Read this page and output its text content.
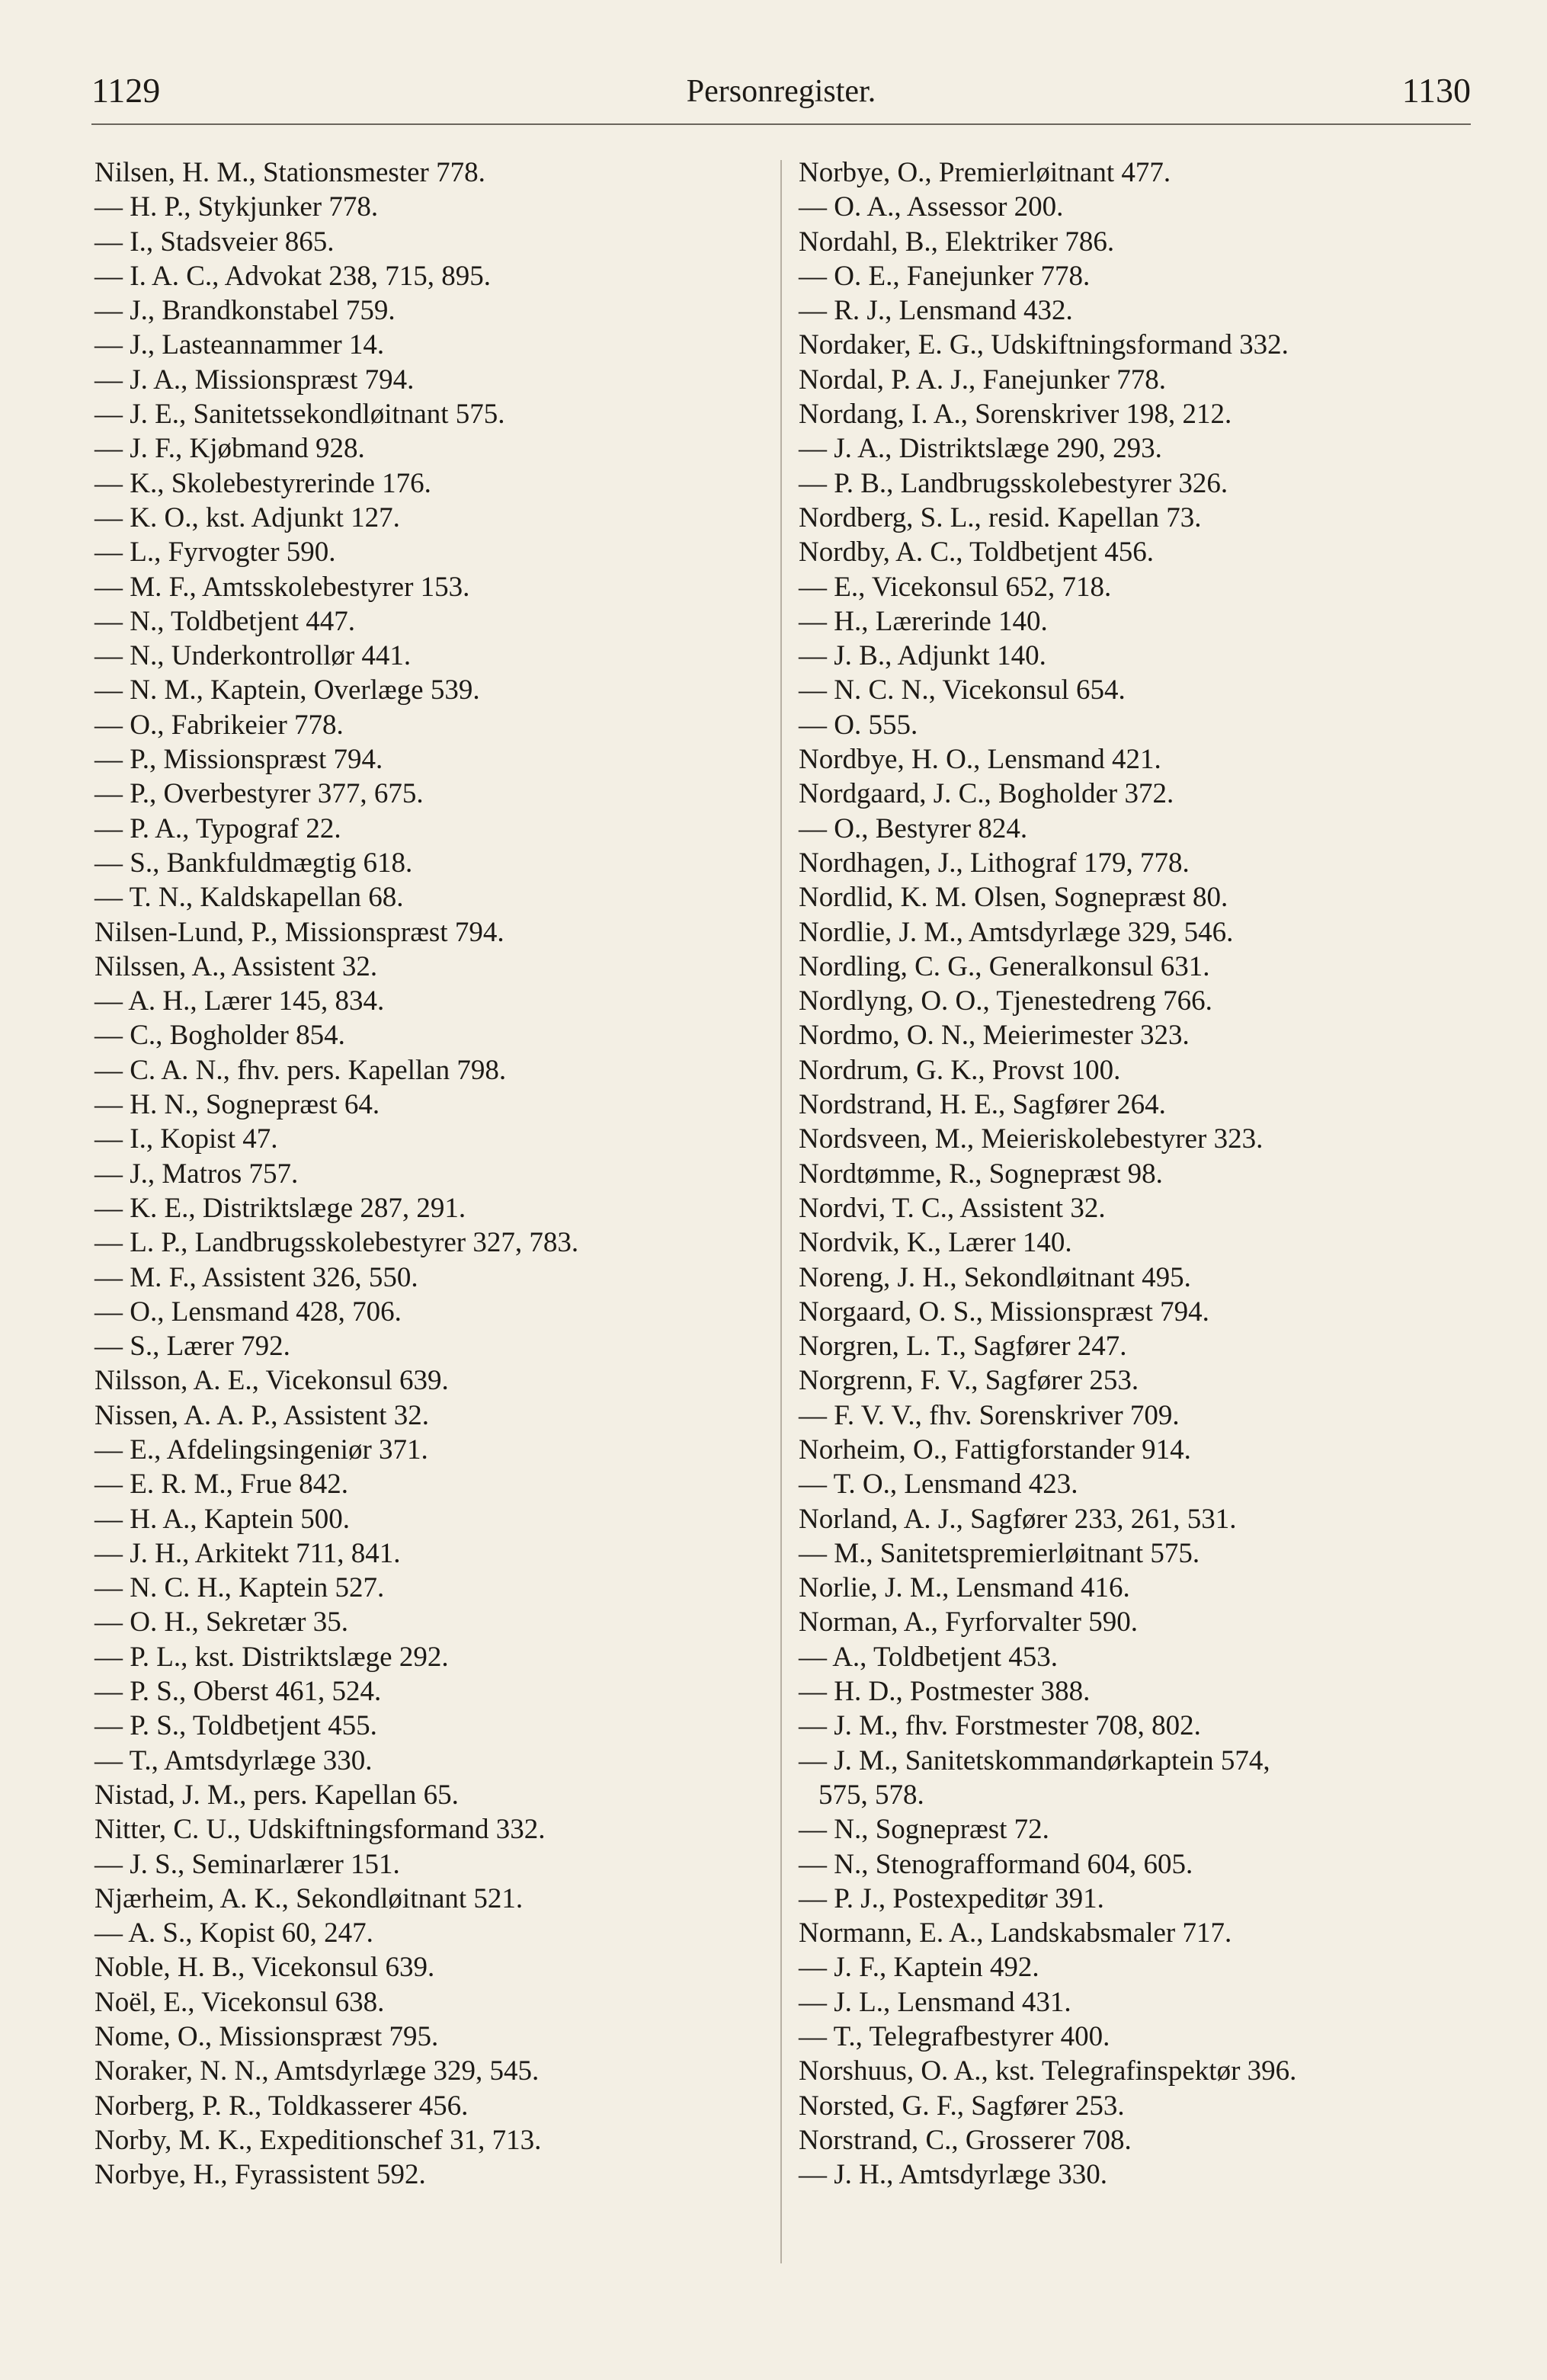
1129	Personregister.	1130
Nilsen, H. M., Stationsmester 778.
— H. P., Stykjunker 778.
— I., Stadsveier 865.
— I. A. C., Advokat 238, 715, 895.
— J., Brandkonstabel 759.
— J., Lasteannammer 14.
— J. A., Missionspræst 794.
— J. E., Sanitetssekondløitnant 575.
— J. F., Kjøbmand 928.
— K., Skolebestyrerinde 176.
— K. O., kst. Adjunkt 127.
— L., Fyrvogter 590.
— M. F., Amtsskolebestyrer 153.
— N., Toldbetjent 447.
— N., Underkontrollør 441.
— N. M., Kaptein, Overlæge 539.
— O., Fabrikeier 778.
— P., Missionspræst 794.
— P., Overbestyrer 377, 675.
— P. A., Typograf 22.
— S., Bankfuldmægtig 618.
— T. N., Kaldskapellan 68.
Nilsen-Lund, P., Missionspræst 794.
Nilssen, A., Assistent 32.
— A. H., Lærer 145, 834.
— C., Bogholder 854.
— C. A. N., fhv. pers. Kapellan 798.
— H. N., Sognepræst 64.
— I., Kopist 47.
— J., Matros 757.
— K. E., Distriktslæge 287, 291.
— L. P., Landbrugsskolebestyrer 327, 783.
— M. F., Assistent 326, 550.
— O., Lensmand 428, 706.
— S., Lærer 792.
Nilsson, A. E., Vicekonsul 639.
Nissen, A. A. P., Assistent 32.
— E., Afdelingsingeniør 371.
— E. R. M., Frue 842.
— H. A., Kaptein 500.
— J. H., Arkitekt 711, 841.
— N. C. H., Kaptein 527.
— O. H., Sekretær 35.
— P. L., kst. Distriktslæge 292.
— P. S., Oberst 461, 524.
— P. S., Toldbetjent 455.
— T., Amtsdyrlæge 330.
Nistad, J. M., pers. Kapellan 65.
Nitter, C. U., Udskiftningsformand 332.
— J. S., Seminarlærer 151.
Njærheim, A. K., Sekondløitnant 521.
— A. S., Kopist 60, 247.
Noble, H. B., Vicekonsul 639.
Noël, E., Vicekonsul 638.
Nome, O., Missionspræst 795.
Noraker, N. N., Amtsdyrlæge 329, 545.
Norberg, P. R., Toldkasserer 456.
Norby, M. K., Expeditionschef 31, 713.
Norbye, H., Fyrassistent 592.
Norbye, O., Premierløitnant 477.
— O. A., Assessor 200.
Nordahl, B., Elektriker 786.
— O. E., Fanejunker 778.
— R. J., Lensmand 432.
Nordaker, E. G., Udskiftningsformand 332.
Nordal, P. A. J., Fanejunker 778.
Nordang, I. A., Sorenskriver 198, 212.
— J. A., Distriktslæge 290, 293.
— P. B., Landbrugsskolebestyrer 326.
Nordberg, S. L., resid. Kapellan 73.
Nordby, A. C., Toldbetjent 456.
— E., Vicekonsul 652, 718.
— H., Lærerinde 140.
— J. B., Adjunkt 140.
— N. C. N., Vicekonsul 654.
— O. 555.
Nordbye, H. O., Lensmand 421.
Nordgaard, J. C., Bogholder 372.
— O., Bestyrer 824.
Nordhagen, J., Lithograf 179, 778.
Nordlid, K. M. Olsen, Sognepræst 80.
Nordlie, J. M., Amtsdyrlæge 329, 546.
Nordling, C. G., Generalkonsul 631.
Nordlyng, O. O., Tjenestedreng 766.
Nordmo, O. N., Meierimester 323.
Nordrum, G. K., Provst 100.
Nordstrand, H. E., Sagfører 264.
Nordsveen, M., Meieriskolebestyrer 323.
Nordtømme, R., Sognepræst 98.
Nordvi, T. C., Assistent 32.
Nordvik, K., Lærer 140.
Noreng, J. H., Sekondløitnant 495.
Norgaard, O. S., Missionspræst 794.
Norgren, L. T., Sagfører 247.
Norgrenn, F. V., Sagfører 253.
— F. V. V., fhv. Sorenskriver 709.
Norheim, O., Fattigforstander 914.
— T. O., Lensmand 423.
Norland, A. J., Sagfører 233, 261, 531.
— M., Sanitetspremierløitnant 575.
Norlie, J. M., Lensmand 416.
Norman, A., Fyrforvalter 590.
— A., Toldbetjent 453.
— H. D., Postmester 388.
— J. M., fhv. Forstmester 708, 802.
— J. M., Sanitetskommandørkaptein 574,
575, 578.
— N., Sognepræst 72.
— N., Stenografformand 604, 605.
— P. J., Postexpeditør 391.
Normann, E. A., Landskabsmaler 717.
— J. F., Kaptein 492.
— J. L., Lensmand 431.
— T., Telegrafbestyrer 400.
Norshuus, O. A., kst. Telegrafinspektør 396.
Norsted, G. F., Sagfører 253.
Norstrand, C., Grosserer 708.
— J. H., Amtsdyrlæge 330.
